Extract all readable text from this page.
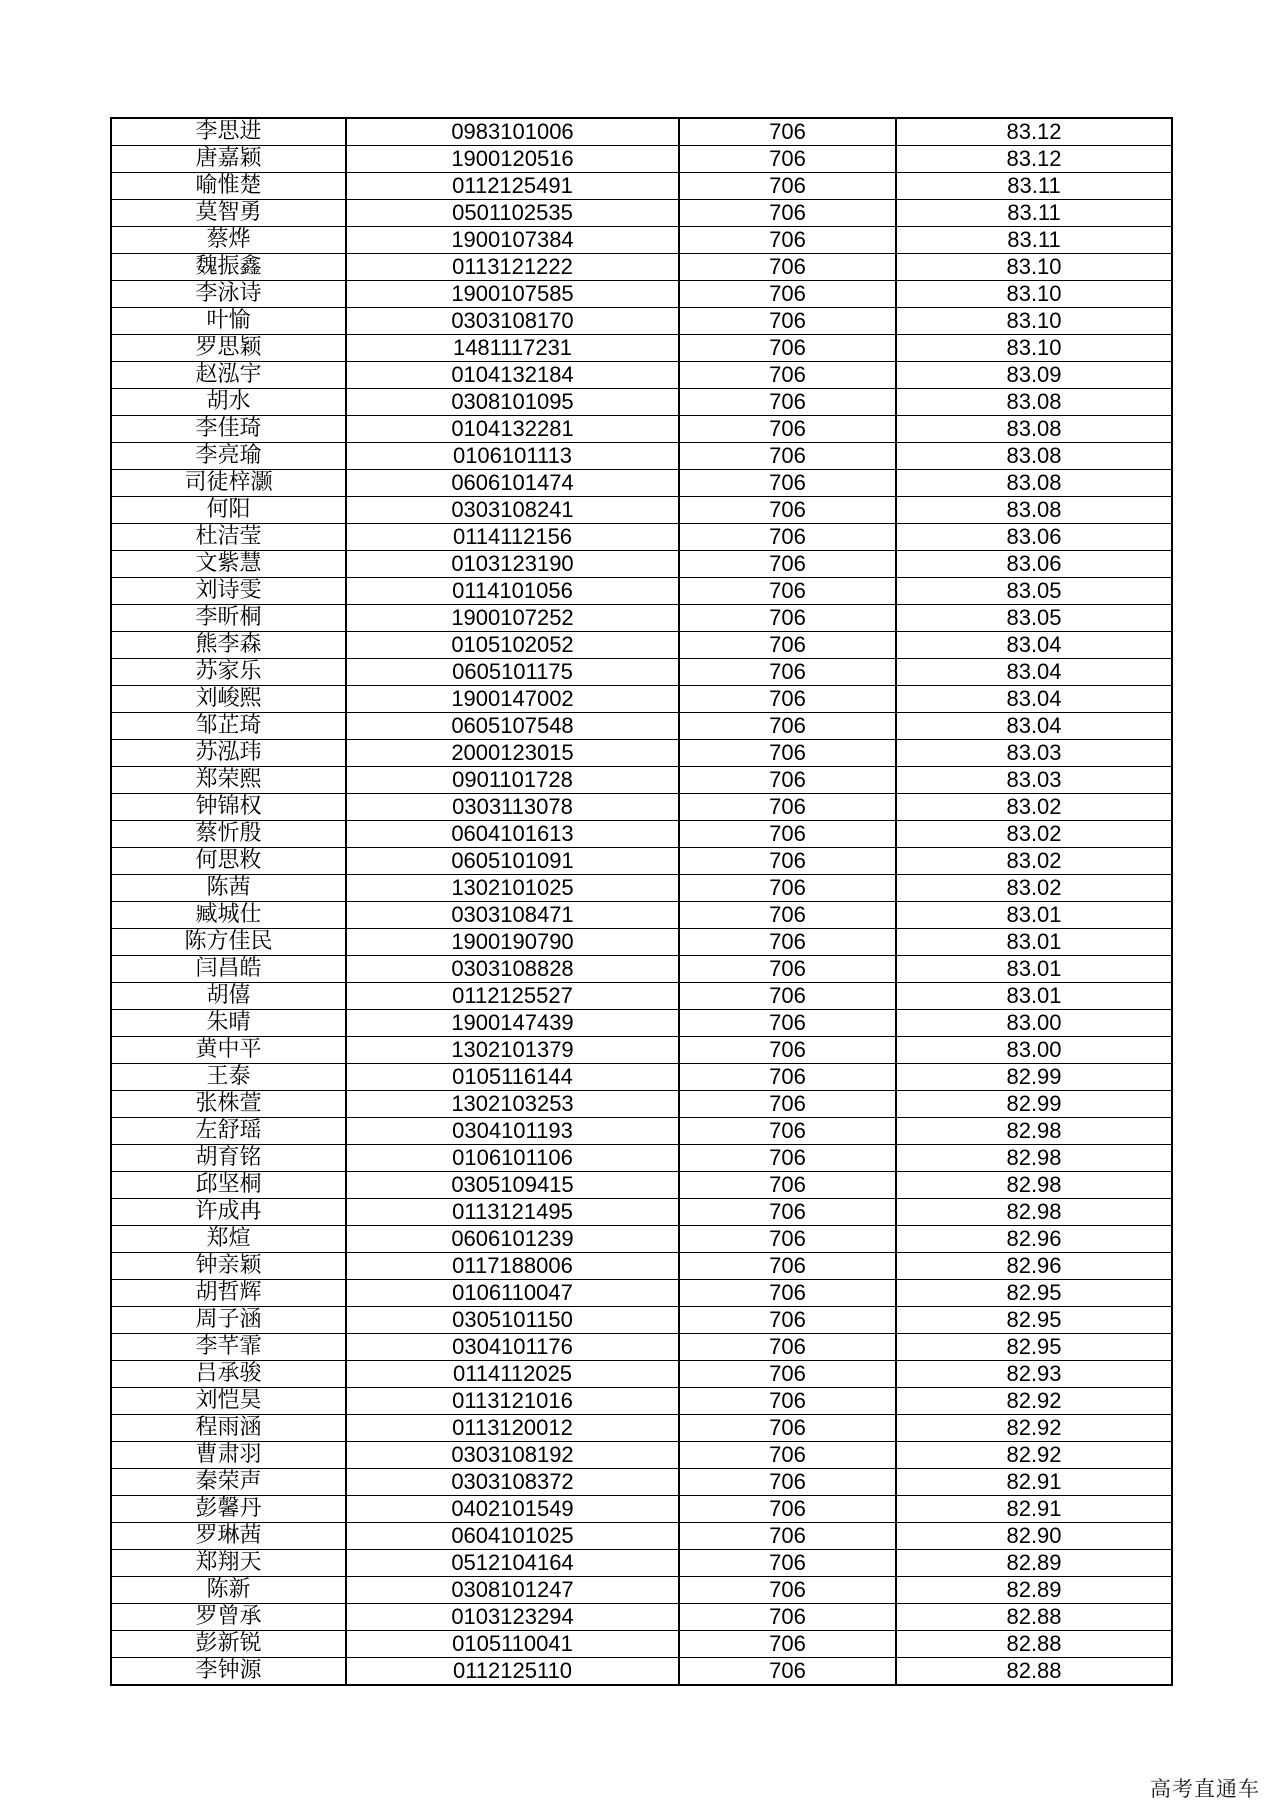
李思进	0983101006	706	83.12
唐嘉颖	1900120516	706	83.12
喻惟楚	0112125491	706	83.11
莫智勇	0501102535	706	83.11
蔡烨	1900107384	706	83.11
魏振鑫	0113121222	706	83.10
李泳诗	1900107585	706	83.10
叶愉	0303108170	706	83.10
罗思颖	1481117231	706	83.10
赵泓宇	0104132184	706	83.09
胡水	0308101095	706	83.08
李佳琦	0104132281	706	83.08
李亮瑜	0106101113	706	83.08
司徒梓灏	0606101474	706	83.08
何阳	0303108241	706	83.08
杜洁莹	0114112156	706	83.06
文紫慧	0103123190	706	83.06
刘诗雯	0114101056	706	83.05
李昕桐	1900107252	706	83.05
熊李森	0105102052	706	83.04
苏家乐	0605101175	706	83.04
刘峻熙	1900147002	706	83.04
邹芷琦	0605107548	706	83.04
苏泓玮	2000123015	706	83.03
郑荣熙	0901101728	706	83.03
钟锦权	0303113078	706	83.02
蔡忻殷	0604101613	706	83.02
何思敉	0605101091	706	83.02
陈茜	1302101025	706	83.02
臧城仕	0303108471	706	83.01
陈方佳民	1900190790	706	83.01
闫昌皓	0303108828	706	83.01
胡僖	0112125527	706	83.01
朱晴	1900147439	706	83.00
黄中平	1302101379	706	83.00
王泰	0105116144	706	82.99
张株萱	1302103253	706	82.99
左舒瑶	0304101193	706	82.98
胡育铭	0106101106	706	82.98
邱坚桐	0305109415	706	82.98
许成冉	0113121495	706	82.98
郑煊	0606101239	706	82.96
钟亲颖	0117188006	706	82.96
胡哲辉	0106110047	706	82.95
周子涵	0305101150	706	82.95
李芊霏	0304101176	706	82.95
吕承骏	0114112025	706	82.93
刘恺昊	0113121016	706	82.92
程雨涵	0113120012	706	82.92
曹肃羽	0303108192	706	82.92
秦荣声	0303108372	706	82.91
彭馨丹	0402101549	706	82.91
罗琳茜	0604101025	706	82.90
郑翔天	0512104164	706	82.89
陈新	0308101247	706	82.89
罗曾承	0103123294	706	82.88
彭新锐	0105110041	706	82.88
李钟源	0112125110	706	82.88
高考直通车
